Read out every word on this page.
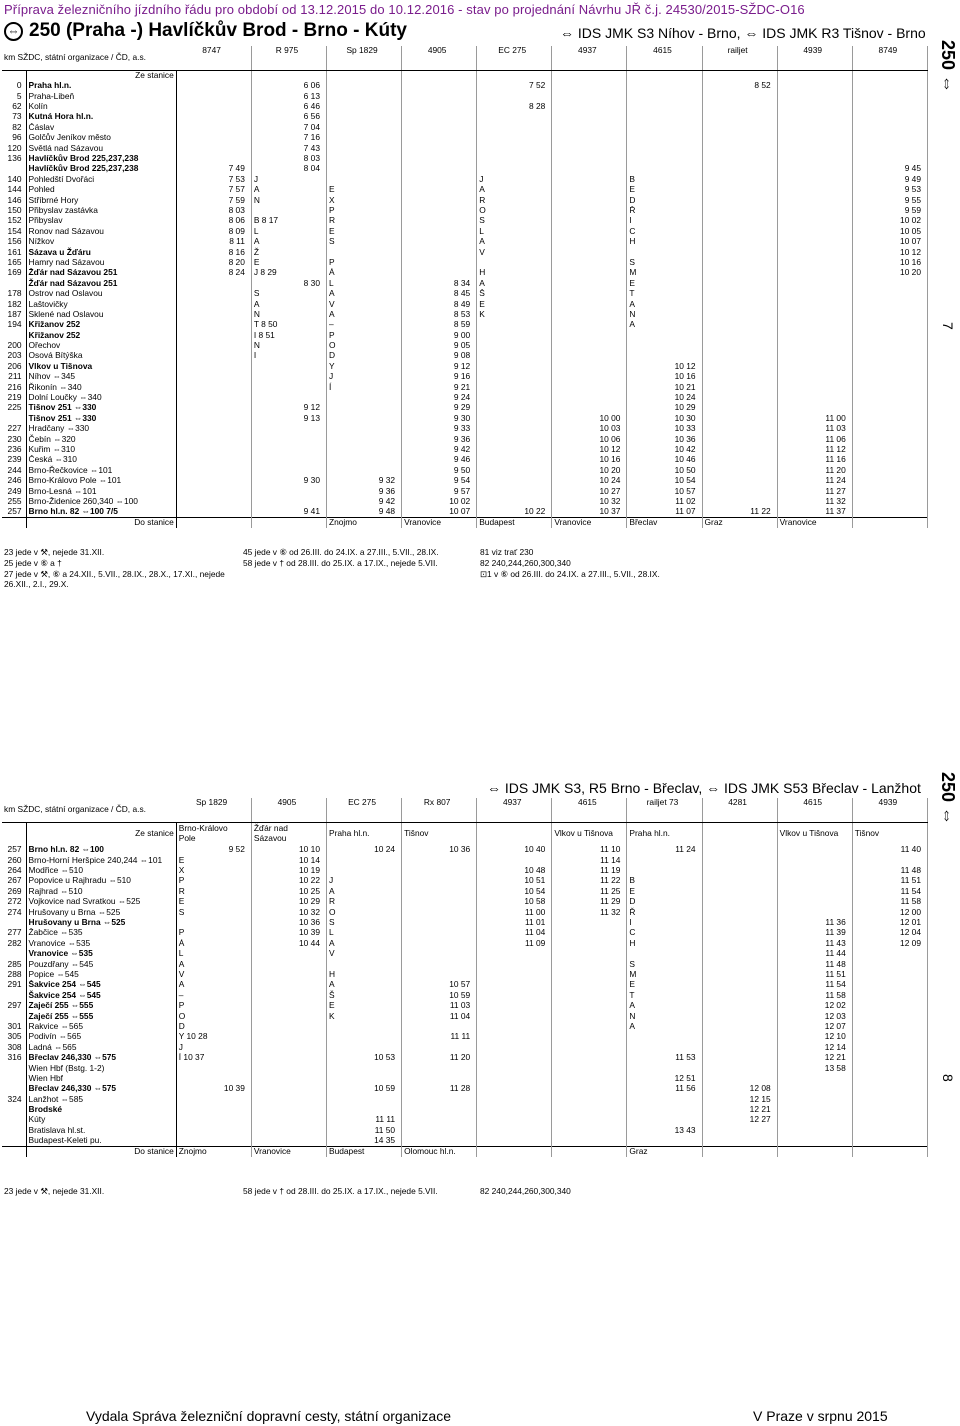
Příprava železničního jízdního řádu pro období od 13.12.2015 do 10.12.2016 - stav po projednání Návrhu JŘ č.j. 24530/2015-SŽDC-O16
⇔ 250 (Praha -) Havlíčkův Brod - Brno - Kúty	⇔ IDS JMK S3 Níhov - Brno, ⇔ IDS JMK R3 Tišnov - Brno
⇔ IDS JMK S3, R5 Brno - Břeclav, ⇔ IDS JMK S53 Břeclav - Lanžhot
250 ⇔
7
250 ⇔
8
km SŽDC, státní organizace / ČD, a.s.		8747	R 975	Sp 1829	4905	EC 275	4937	4615	railjet	4939	8749
	Ze stanice										
0	Praha hl.n.		6 06			7 52			8 52		
5	Praha-Libeň		6 13								
62	Kolín		6 46			8 28					
73	Kutná Hora hl.n.		6 56								
82	Čáslav		7 04								
96	Golčův Jeníkov město		7 16								
120	Světlá nad Sázavou		7 43								
136	Havlíčkův Brod 225,237,238		8 03								
	Havlíčkův Brod 225,237,238	7 49	8 04								9 45
140	Pohledští Dvořáci	7 53	J			J		B			9 49
144	Pohled	7 57	A	E		A		E			9 53
146	Stříbrné Hory	7 59	N	X		R		D			9 55
150	Přibyslav zastávka	8 03		P		O		Ř			9 59
152	Přibyslav	8 06	B 8 17	R		S		I			10 02
154	Ronov nad Sázavou	8 09	L	E		L		C			10 05
156	Nížkov	8 11	A	S		A		H			10 07
161	Sázava u Žďáru	8 16	Ž			V					10 12
165	Hamry nad Sázavou	8 20	E	P				S			10 16
169	Žďár nad Sázavou 251	8 24	J 8 29	Á		H		M			10 20
	Žďár nad Sázavou 251		8 30	L	8 34	A		E			
178	Ostrov nad Oslavou		S	A	8 45	Š		T			
182	Laštovičky		A	V	8 49	E		A			
187	Sklené nad Oslavou		N	A	8 53	K		N			
194	Křižanov 252		T 8 50	–	8 59			A			
	Křižanov 252		I 8 51	P	9 00						
200	Ořechov		N	O	9 05						
203	Osová Bítýška		I	D	9 08						
206	Vlkov u Tišnova			Y	9 12			10 12			
211	Níhov ⇔345			J	9 16			10 16			
216	Řikonín ⇔340			Í	9 21			10 21			
219	Dolní Loučky ⇔340				9 24			10 24			
225	Tišnov 251 ⇔330		9 12		9 29			10 29			
	Tišnov 251 ⇔330		9 13		9 30		10 00	10 30		11 00	
227	Hradčany ⇔330				9 33		10 03	10 33		11 03	
230	Čebín ⇔320				9 36		10 06	10 36		11 06	
236	Kuřim ⇔310				9 42		10 12	10 42		11 12	
239	Česká ⇔310				9 46		10 16	10 46		11 16	
244	Brno-Řečkovice ⇔101				9 50		10 20	10 50		11 20	
246	Brno-Královo Pole ⇔101		9 30	9 32	9 54		10 24	10 54		11 24	
249	Brno-Lesná ⇔101			9 36	9 57		10 27	10 57		11 27	
255	Brno-Židenice 260,340 ⇔100			9 42	10 02		10 32	11 02		11 32	
257	Brno hl.n. 82 ⇔100 7/5		9 41	9 48	10 07	10 22	10 37	11 07	11 22	11 37	
	Do stanice			Znojmo	Vranovice	Budapest	Vranovice	Břeclav	Graz	Vranovice	
km SŽDC, státní organizace / ČD, a.s.		Sp 1829	4905	EC 275	Rx 807	4937	4615	railjet 73	4281	4615	4939
	Ze stanice	Brno-Královo Pole	Žďár nad Sázavou	Praha hl.n.	Tišnov		Vlkov u Tišnova	Praha hl.n.		Vlkov u Tišnova	Tišnov
257	Brno hl.n. 82 ⇔100	9 52	10 10	10 24	10 36	10 40	11 10	11 24			11 40
260	Brno-Horní Heršpice 240,244 ⇔101	E	10 14				11 14				
264	Modřice ⇔510	X	10 19			10 48	11 19				11 48
267	Popovice u Rajhradu ⇔510	P	10 22	J		10 51	11 22	B			11 51
269	Rajhrad ⇔510	R	10 25	A		10 54	11 25	E			11 54
272	Vojkovice nad Svratkou ⇔525	E	10 29	R		10 58	11 29	D			11 58
274	Hrušovany u Brna ⇔525	S	10 32	O		11 00	11 32	Ř			12 00
	Hrušovany u Brna ⇔525		10 36	S		11 01		I		11 36	12 01
277	Žabčice ⇔535	P	10 39	L		11 04		C		11 39	12 04
282	Vranovice ⇔535	Á	10 44	A		11 09		H		11 43	12 09
	Vranovice ⇔535	L		V						11 44	
285	Pouzdřany ⇔545	A						S		11 48	
288	Popice ⇔545	V		H				M		11 51	
291	Šakvice 254 ⇔545	A		A	10 57			E		11 54	
	Šakvice 254 ⇔545	–		Š	10 59			T		11 58	
297	Zaječí 255 ⇔555	P		E	11 03			A		12 02	
	Zaječí 255 ⇔555	O		K	11 04			N		12 03	
301	Rakvice ⇔565	D						A		12 07	
305	Podivín ⇔565	Y 10 28			11 11					12 10	
308	Ladná ⇔565	J								12 14	
316	Břeclav 246,330 ⇔575	Í 10 37		10 53	11 20			11 53		12 21	
	Wien Hbf (Bstg. 1-2)									13 58	
	Wien Hbf							12 51			
	Břeclav 246,330 ⇔575	10 39		10 59	11 28			11 56	12 08		
324	Lanžhot ⇔585								12 15		
	Brodské								12 21		
	Kúty			11 11					12 27		
	Bratislava hl.st.			11 50				13 43			
	Budapest-Keleti pu.			14 35							
	Do stanice	Znojmo	Vranovice	Budapest	Olomouc hl.n.			Graz			
23 jede v ⚒, nejede 31.XII.
25 jede v ⑥ a †
27 jede v ⚒, ⑥ a 24.XII., 5.VII., 28.IX., 28.X., 17.XI., nejede 26.XII., 2.I., 29.X.
45 jede v ⑥ od 26.III. do 24.IX. a 27.III., 5.VII., 28.IX.
58 jede v † od 28.III. do 25.IX. a 17.IX., nejede 5.VII.
81 viz trať 230
82 240,244,260,300,340
⊡1 v ⑥ od 26.III. do 24.IX. a 27.III., 5.VII., 28.IX.
23 jede v ⚒, nejede 31.XII.	58 jede v † od 28.III. do 25.IX. a 17.IX., nejede 5.VII.	82 240,244,260,300,340
Vydala Správa železniční dopravní cesty, státní organizace	V Praze v srpnu 2015
